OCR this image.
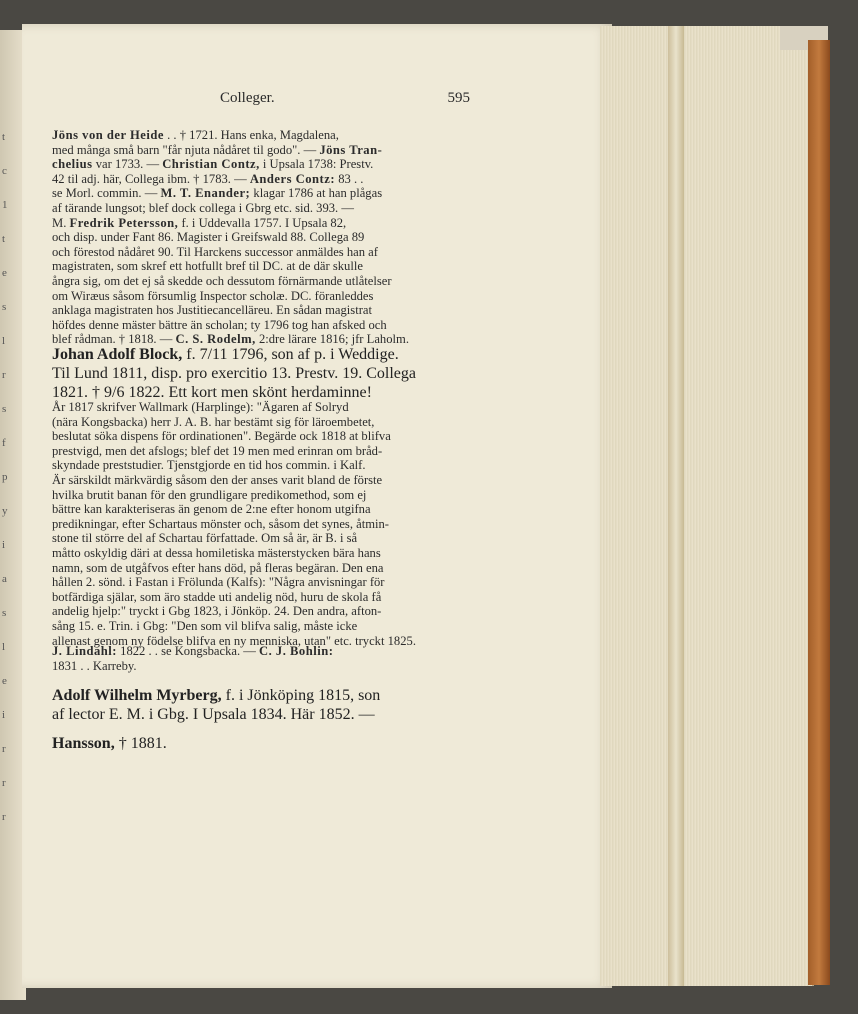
t
c
1
t
e
s
l
r
s
f
p
y
i
a
s
l
e
i
r
r
r
Colleger.	595
Jöns von der Heide . . † 1721. Hans enka, Magdalena,
med många små barn "får njuta nådåret til godo". — Jöns Tran-
chelius var 1733. — Christian Contz, i Upsala 1738: Prestv.
42 til adj. här, Collega ibm. † 1783. — Anders Contz: 83 . .
se Morl. commin. — M. T. Enander; klagar 1786 at han plågas
af tärande lungsot; blef dock collega i Gbrg etc. sid. 393. —
M. Fredrik Petersson, f. i Uddevalla 1757. I Upsala 82,
och disp. under Fant 86. Magister i Greifswald 88. Collega 89
och förestod nådåret 90. Til Harckens successor anmäldes han af
magistraten, som skref ett hotfullt bref til DC. at de där skulle
ångra sig, om det ej så skedde och dessutom förnärmande utlåtelser
om Wiræus såsom försumlig Inspector scholæ. DC. föranleddes
anklaga magistraten hos Justitiecancelläreu. En sådan magistrat
höfdes denne mäster bättre än scholan; ty 1796 tog han afsked och
blef rådman. † 1818. — C. S. Rodelm, 2:dre lärare 1816; jfr Laholm.
Johan Adolf Block, f. 7/11 1796, son af p. i Weddige.
Til Lund 1811, disp. pro exercitio 13. Prestv. 19. Collega
1821. † 9/6 1822. Ett kort men skönt herdaminne!
År 1817 skrifver Wallmark (Harplinge): "Ägaren af Solryd
(nära Kongsbacka) herr J. A. B. har bestämt sig för läroembetet,
beslutat söka dispens för ordinationen". Begärde ock 1818 at blifva
prestvigd, men det afslogs; blef det 19 men med erinran om bråd-
skyndade preststudier. Tjenstgjorde en tid hos commin. i Kalf.
Är särskildt märkvärdig såsom den der anses varit bland de förste
hvilka brutit banan för den grundligare predikomethod, som ej
bättre kan karakteriseras än genom de 2:ne efter honom utgifna
predikningar, efter Schartaus mönster och, såsom det synes, åtmin-
stone til större del af Schartau författade. Om så är, är B. i så
måtto oskyldig däri at dessa homiletiska mästerstycken bära hans
namn, som de utgåfvos efter hans död, på fleras begäran. Den ena
hållen 2. sönd. i Fastan i Frölunda (Kalfs): "Några anvisningar för
botfärdiga själar, som äro stadde uti andelig nöd, huru de skola få
andelig hjelp:" tryckt i Gbg 1823, i Jönköp. 24. Den andra, afton-
sång 15. e. Trin. i Gbg: "Den som vil blifva salig, måste icke
allenast genom ny födelse blifva en ny menniska, utan" etc. tryckt 1825.
J. Lindahl: 1822 . . se Kongsbacka. — C. J. Bohlin:
1831 . . Karreby.
Adolf Wilhelm Myrberg, f. i Jönköping 1815, son
af lector E. M. i Gbg. I Upsala 1834. Här 1852. —
Hansson, † 1881.
